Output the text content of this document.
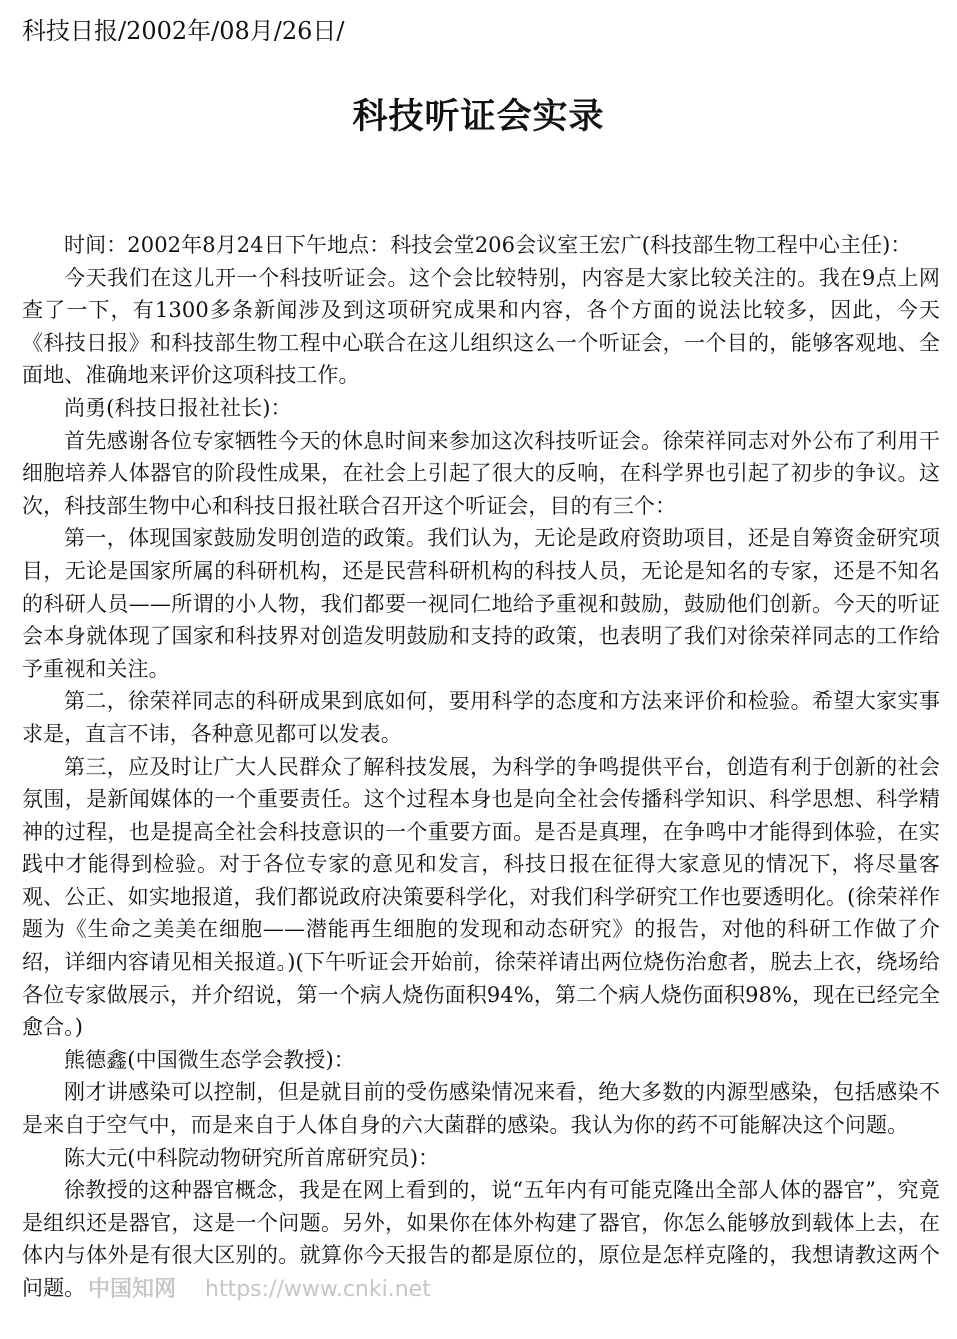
科技日报/2002年/08月/26日/
科技听证会实录

时间：2002年8月24日下午地点：科技会堂206会议室王宏广(科技部生物工程中心主任)：

今天我们在这儿开一个科技听证会。这个会比较特别，内容是大家比较关注的。我在9点上网查了一下，有1300多条新闻涉及到这项研究成果和内容，各个方面的说法比较多，因此，今天《科技日报》和科技部生物工程中心联合在这儿组织这么一个听证会，一个目的，能够客观地、全面地、准确地来评价这项科技工作。

尚勇(科技日报社社长)：

首先感谢各位专家牺牲今天的休息时间来参加这次科技听证会。徐荣祥同志对外公布了利用干细胞培养人体器官的阶段性成果，在社会上引起了很大的反响，在科学界也引起了初步的争议。这次，科技部生物中心和科技日报社联合召开这个听证会，目的有三个：

第一，体现国家鼓励发明创造的政策。我们认为，无论是政府资助项目，还是自筹资金研究项目，无论是国家所属的科研机构，还是民营科研机构的科技人员，无论是知名的专家，还是不知名的科研人员——所谓的小人物，我们都要一视同仁地给予重视和鼓励，鼓励他们创新。今天的听证会本身就体现了国家和科技界对创造发明鼓励和支持的政策，也表明了我们对徐荣祥同志的工作给予重视和关注。

第二，徐荣祥同志的科研成果到底如何，要用科学的态度和方法来评价和检验。希望大家实事求是，直言不讳，各种意见都可以发表。

第三，应及时让广大人民群众了解科技发展，为科学的争鸣提供平台，创造有利于创新的社会氛围，是新闻媒体的一个重要责任。这个过程本身也是向全社会传播科学知识、科学思想、科学精神的过程，也是提高全社会科技意识的一个重要方面。是否是真理，在争鸣中才能得到体验，在实践中才能得到检验。对于各位专家的意见和发言，科技日报在征得大家意见的情况下，将尽量客观、公正、如实地报道，我们都说政府决策要科学化，对我们科学研究工作也要透明化。(徐荣祥作题为《生命之美美在细胞——潜能再生细胞的发现和动态研究》的报告，对他的科研工作做了介绍，详细内容请见相关报道。)(下午听证会开始前，徐荣祥请出两位烧伤治愈者，脱去上衣，绕场给各位专家做展示，并介绍说，第一个病人烧伤面积94%，第二个病人烧伤面积98%，现在已经完全愈合。)

熊德鑫(中国微生态学会教授)：

刚才讲感染可以控制，但是就目前的受伤感染情况来看，绝大多数的内源型感染，包括感染不是来自于空气中，而是来自于人体自身的六大菌群的感染。我认为你的药不可能解决这个问题。

陈大元(中科院动物研究所首席研究员)：

徐教授的这种器官概念，我是在网上看到的，说“五年内有可能克隆出全部人体的器官”，究竟是组织还是器官，这是一个问题。另外，如果你在体外构建了器官，你怎么能够放到载体上去，在体内与体外是有很大区别的。就算你今天报告的都是原位的，原位是怎样克隆的，我想请教这两个问题。 中国知网 https://www.cnki.net
